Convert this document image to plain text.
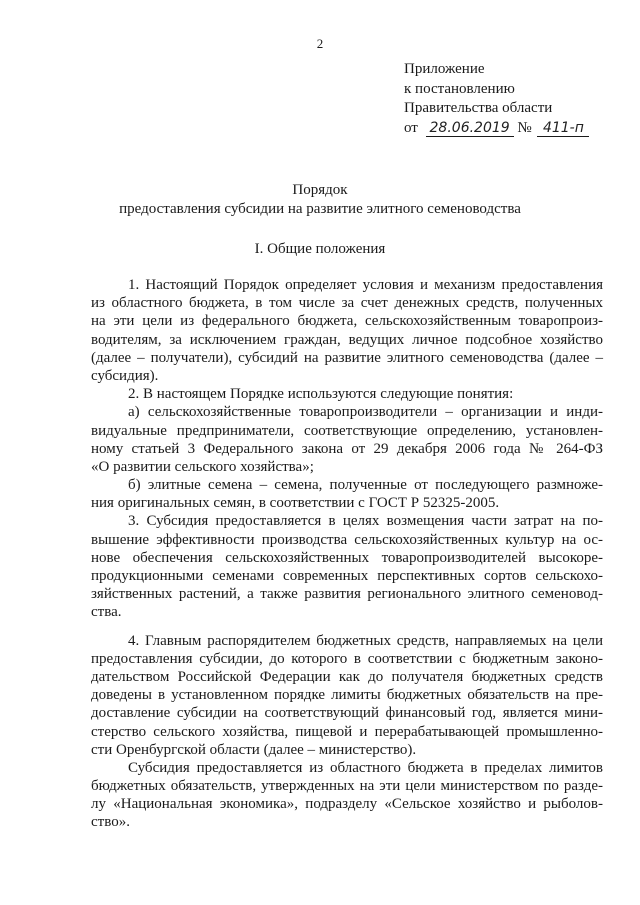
2
Приложение
к постановлению
Правительства области
от 28.06.2019 № 411-п
Порядок
предоставления субсидии на развитие элитного семеноводства
I. Общие положения
1. Настоящий Порядок определяет условия и механизм предоставления
из областного бюджета, в том числе за счет денежных средств, полученных
на эти цели из федерального бюджета, сельскохозяйственным товаропроиз-
водителям, за исключением граждан, ведущих личное подсобное хозяйство
(далее – получатели), субсидий на развитие элитного семеноводства (далее –
субсидия).
2. В настоящем Порядке используются следующие понятия:
а) сельскохозяйственные товаропроизводители – организации и инди-
видуальные предприниматели, соответствующие определению, установлен-
ному статьей 3 Федерального закона от 29 декабря 2006 года № 264-ФЗ
«О развитии сельского хозяйства»;
б) элитные семена – семена, полученные от последующего размноже-
ния оригинальных семян, в соответствии с ГОСТ Р 52325-2005.
3. Субсидия предоставляется в целях возмещения части затрат на по-
вышение эффективности производства сельскохозяйственных культур на ос-
нове обеспечения сельскохозяйственных товаропроизводителей высокоре-
продукционными семенами современных перспективных сортов сельскохо-
зяйственных растений, а также развития регионального элитного семеновод-
ства.
4. Главным распорядителем бюджетных средств, направляемых на цели
предоставления субсидии, до которого в соответствии с бюджетным законо-
дательством Российской Федерации как до получателя бюджетных средств
доведены в установленном порядке лимиты бюджетных обязательств на пре-
доставление субсидии на соответствующий финансовый год, является мини-
стерство сельского хозяйства, пищевой и перерабатывающей промышленно-
сти Оренбургской области (далее – министерство).
Субсидия предоставляется из областного бюджета в пределах лимитов
бюджетных обязательств, утвержденных на эти цели министерством по разде-
лу «Национальная экономика», подразделу «Сельское хозяйство и рыболов-
ство».
